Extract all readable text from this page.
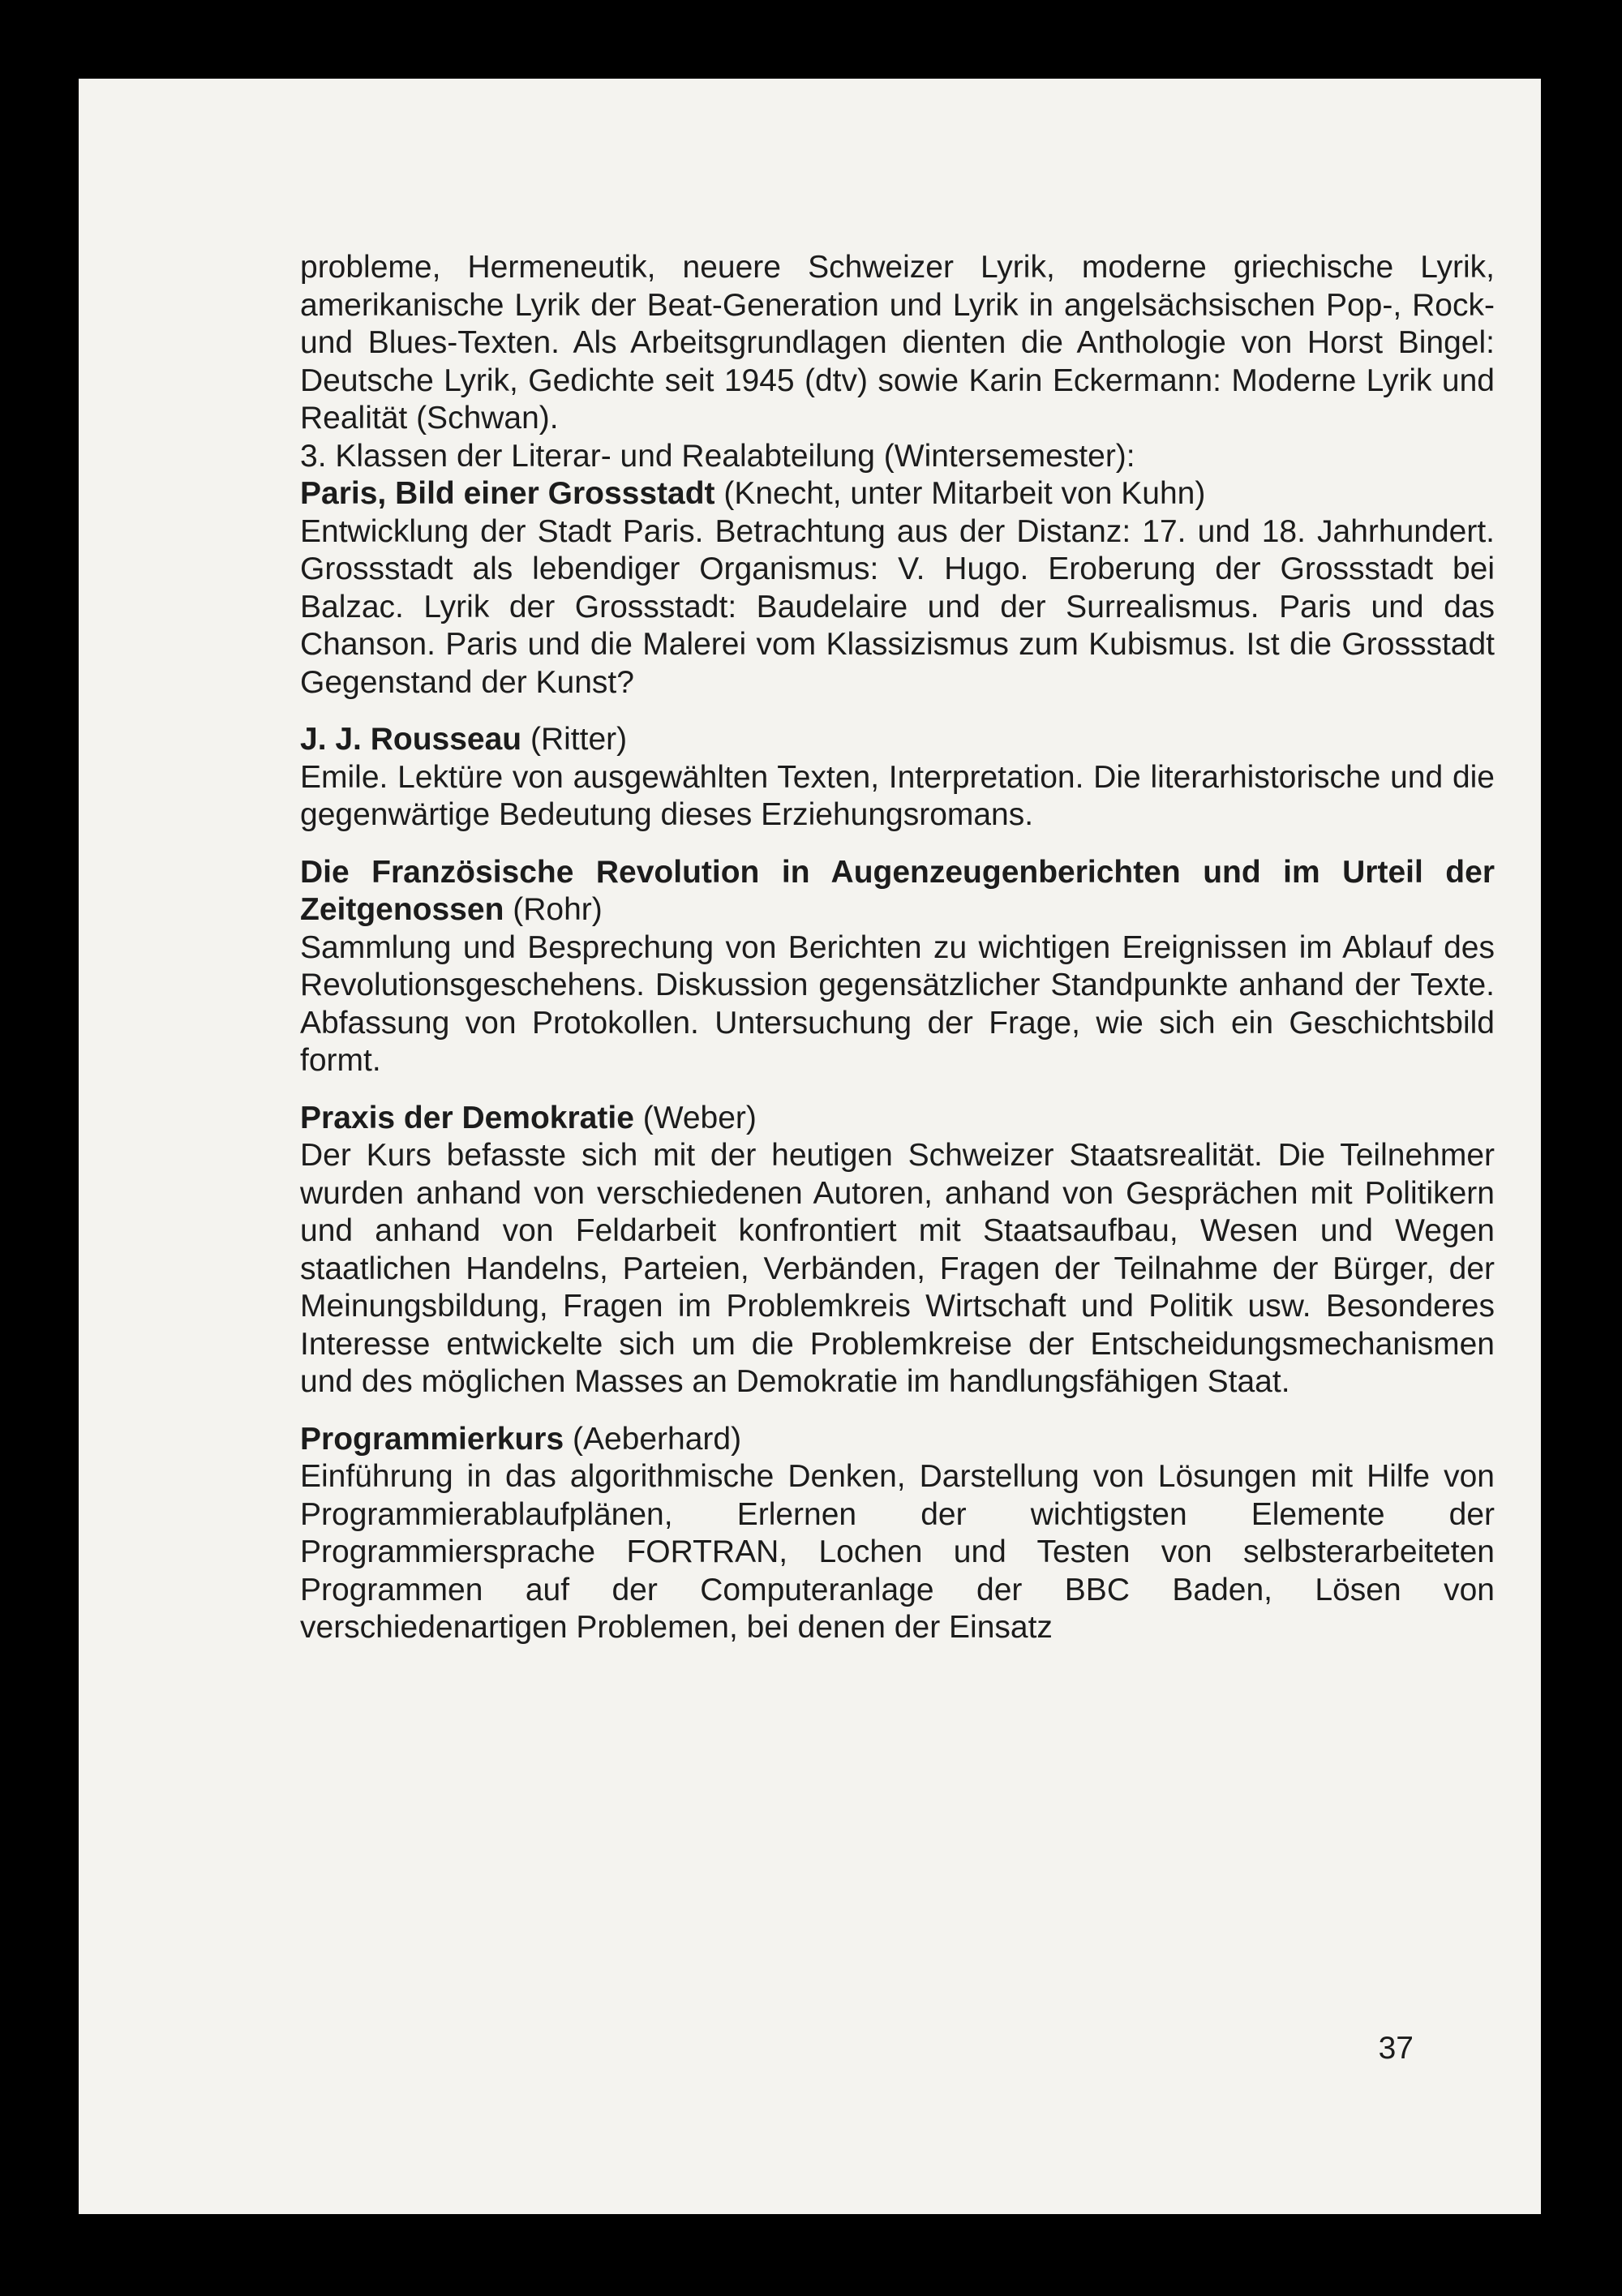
probleme, Hermeneutik, neuere Schweizer Lyrik, moderne griechische Lyrik, amerikanische Lyrik der Beat-Generation und Lyrik in angelsächsischen Pop-, Rock- und Blues-Texten. Als Arbeitsgrundlagen dienten die Anthologie von Horst Bingel: Deutsche Lyrik, Gedichte seit 1945 (dtv) sowie Karin Eckermann: Moderne Lyrik und Realität (Schwan).

3. Klassen der Literar- und Realabteilung (Wintersemester):

Paris, Bild einer Grossstadt (Knecht, unter Mitarbeit von Kuhn)

Entwicklung der Stadt Paris. Betrachtung aus der Distanz: 17. und 18. Jahrhundert. Grossstadt als lebendiger Organismus: V. Hugo. Eroberung der Grossstadt bei Balzac. Lyrik der Grossstadt: Baudelaire und der Surrealismus. Paris und das Chanson. Paris und die Malerei vom Klassizismus zum Kubismus. Ist die Grossstadt Gegenstand der Kunst?

J. J. Rousseau (Ritter)

Emile. Lektüre von ausgewählten Texten, Interpretation. Die literarhistorische und die gegenwärtige Bedeutung dieses Erziehungsromans.

Die Französische Revolution in Augenzeugenberichten und im Urteil der Zeitgenossen (Rohr)

Sammlung und Besprechung von Berichten zu wichtigen Ereignissen im Ablauf des Revolutionsgeschehens. Diskussion gegensätzlicher Standpunkte anhand der Texte. Abfassung von Protokollen. Untersuchung der Frage, wie sich ein Geschichtsbild formt.

Praxis der Demokratie (Weber)

Der Kurs befasste sich mit der heutigen Schweizer Staatsrealität. Die Teilnehmer wurden anhand von verschiedenen Autoren, anhand von Gesprächen mit Politikern und anhand von Feldarbeit konfrontiert mit Staatsaufbau, Wesen und Wegen staatlichen Handelns, Parteien, Verbänden, Fragen der Teilnahme der Bürger, der Meinungsbildung, Fragen im Problemkreis Wirtschaft und Politik usw. Besonderes Interesse entwickelte sich um die Problemkreise der Entscheidungsmechanismen und des möglichen Masses an Demokratie im handlungsfähigen Staat.

Programmierkurs (Aeberhard)

Einführung in das algorithmische Denken, Darstellung von Lösungen mit Hilfe von Programmierablaufplänen, Erlernen der wichtigsten Elemente der Programmiersprache FORTRAN, Lochen und Testen von selbsterarbeiteten Programmen auf der Computeranlage der BBC Baden, Lösen von verschiedenartigen Problemen, bei denen der Einsatz

37
